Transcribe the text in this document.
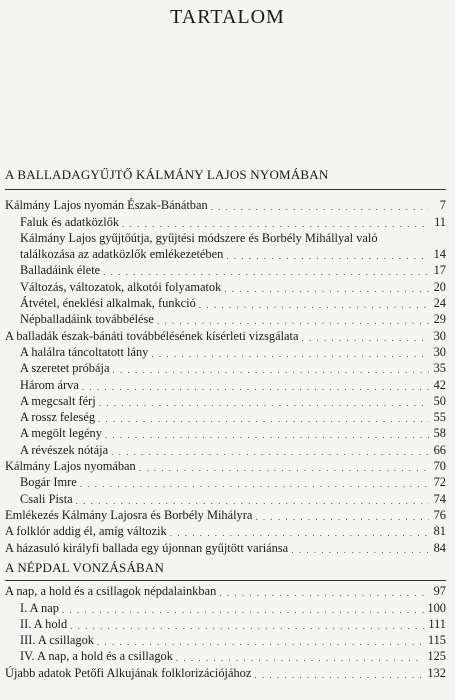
TARTALOM
A BALLADAGYŰJTŐ KÁLMÁNY LAJOS NYOMÁBAN
Kálmány Lajos nyomán Észak-Bánátban . . .	7
Faluk és adatközlők . . .	11
Kálmány Lajos gyűjtőútja, gyűjtési módszere és Borbély Mihállyal való
találkozása az adatközlők emlékezetében . . .	14
Balladáink élete . . .	17
Változás, változatok, alkotói folyamatok . . .	20
Átvétel, éneklési alkalmak, funkció . . .	24
Népballadáink továbbélése . . .	29
A balladák észak-bánáti továbbélésének kísérleti vizsgálata . . .	30
A halálra táncoltatott lány . . .	30
A szeretet próbája . . .	35
Három árva . . .	42
A megcsalt férj . . .	50
A rossz feleség . . .	55
A megölt legény . . .	58
A révészek nótája . . .	66
Kálmány Lajos nyomában . . .	70
Bogár Imre . . .	72
Csali Pista . . .	74
Emlékezés Kálmány Lajosra és Borbély Mihályra . . .	76
A folklór addig él, amíg változik . . .	81
A házasuló királyfi ballada egy újonnan gyűjtött variánsa . . .	84
A NÉPDAL VONZÁSÁBAN
A nap, a hold és a csillagok népdalainkban . . .	97
I. A nap . . .	100
II. A hold . . .	111
III. A csillagok . . .	115
IV. A nap, a hold és a csillagok . . .	125
Újabb adatok Petőfi Alkujának folklorizációjához . . .	132
